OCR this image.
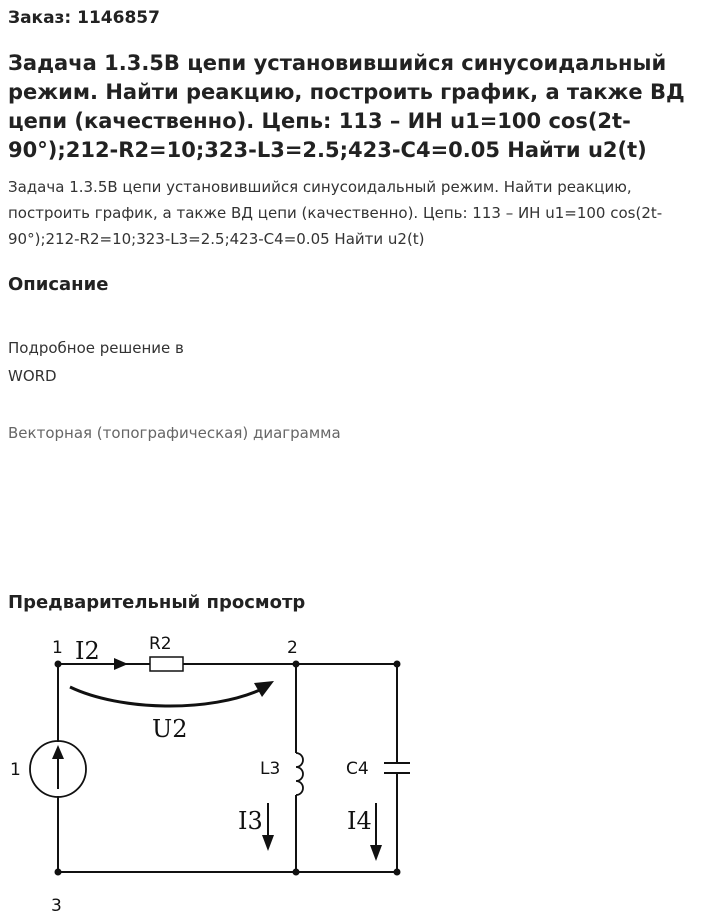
Заказ: 1146857
Задача 1.3.5В цепи установившийся синусоидальный режим. Найти реакцию, построить график, а также ВД цепи (качественно). Цепь: 113 – ИН u1=100 cos(2t-90°);212-R2=10;323-L3=2.5;423-C4=0.05 Найти u2(t)

Задача 1.3.5В цепи установившийся синусоидальный режим. Найти реакцию, построить график, а также ВД цепи (качественно). Цепь: 113 – ИН u1=100 cos(2t-90°);212-R2=10;323-L3=2.5;423-C4=0.05 Найти u2(t)

Описание
Подробное решение в
WORD
Векторная (топографическая) диаграмма
Предварительный просмотр
1	2
3
1
R2
L3	C4
I2
U2
I3	I4
